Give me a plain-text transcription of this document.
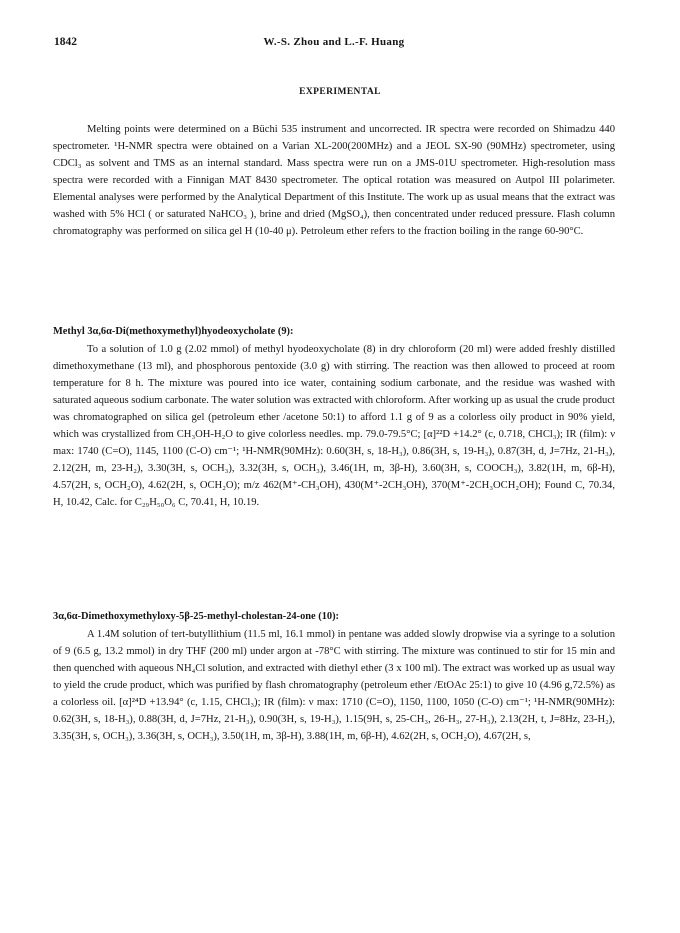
1842	W.-S. Zhou and L.-F. Huang
EXPERIMENTAL

Melting points were determined on a Büchi 535 instrument and uncorrected. IR spectra were recorded on Shimadzu 440 spectrometer. ¹H-NMR spectra were obtained on a Varian XL-200(200MHz) and a JEOL SX-90 (90MHz) spectrometer, using CDCl₃ as solvent and TMS as an internal standard. Mass spectra were run on a JMS-01U spectrometer. High-resolution mass spectra were recorded with a Finnigan MAT 8430 spectrometer. The optical rotation was measured on Autpol III polarimeter. Elemental analyses were performed by the Analytical Department of this Institute. The work up as usual means that the extract was washed with 5% HCl ( or saturated NaHCO₃ ), brine and dried (MgSO₄), then concentrated under reduced pressure. Flash column chromatography was performed on silica gel H (10-40 μ). Petroleum ether refers to the fraction boiling in the range 60-90°C.

Methyl 3α,6α-Di(methoxymethyl)hyodeoxycholate (9):

To a solution of 1.0 g (2.02 mmol) of methyl hyodeoxycholate (8) in dry chloroform (20 ml) were added freshly distilled dimethoxymethane (13 ml), and phosphorous pentoxide (3.0 g) with stirring. The reaction was then allowed to proceed at room temperature for 8 h. The mixture was poured into ice water, containing sodium carbonate, and the residue was washed with saturated aqueous sodium carbonate. The water solution was extracted with chloroform. After working up as usual the crude product was chromatographed on silica gel (petroleum ether /acetone 50:1) to afford 1.1 g of 9 as a colorless oily product in 90% yield, which was crystallized from CH₃OH-H₂O to give colorless needles. mp. 79.0-79.5°C; [α]²²D +14.2° (c, 0.718, CHCl₃); IR (film): ν max: 1740 (C=O), 1145, 1100 (C-O) cm⁻¹; ¹H-NMR(90MHz): 0.60(3H, s, 18-H₃), 0.86(3H, s, 19-H₃), 0.87(3H, d, J=7Hz, 21-H₃), 2.12(2H, m, 23-H₂), 3.30(3H, s, OCH₃), 3.32(3H, s, OCH₃), 3.46(1H, m, 3β-H), 3.60(3H, s, COOCH₃), 3.82(1H, m, 6β-H), 4.57(2H, s, OCH₂O), 4.62(2H, s, OCH₂O); m/z 462(M⁺-CH₃OH), 430(M⁺-2CH₃OH), 370(M⁺-2CH₃OCH₂OH); Found C, 70.34, H, 10.42, Calc. for C₂₉H₅₀O₆ C, 70.41, H, 10.19.

3α,6α-Dimethoxymethyloxy-5β-25-methyl-cholestan-24-one (10):

A 1.4M solution of tert-butyllithium (11.5 ml, 16.1 mmol) in pentane was added slowly dropwise via a syringe to a solution of 9 (6.5 g, 13.2 mmol) in dry THF (200 ml) under argon at -78°C with stirring. The mixture was continued to stir for 15 min and then quenched with aqueous NH₄Cl solution, and extracted with diethyl ether (3 x 100 ml). The extract was worked up as usual way to yield the crude product, which was purified by flash chromatography (petroleum ether /EtOAc 25:1) to give 10 (4.96 g,72.5%) as a colorless oil. [α]²⁴D +13.94° (c, 1.15, CHCl₃); IR (film): ν max: 1710 (C=O), 1150, 1100, 1050 (C-O) cm⁻¹; ¹H-NMR(90MHz): 0.62(3H, s, 18-H₃), 0.88(3H, d, J=7Hz, 21-H₃), 0.90(3H, s, 19-H₃), 1.15(9H, s, 25-CH₃, 26-H₃, 27-H₃), 2.13(2H, t, J=8Hz, 23-H₂), 3.35(3H, s, OCH₃), 3.36(3H, s, OCH₃), 3.50(1H, m, 3β-H), 3.88(1H, m, 6β-H), 4.62(2H, s, OCH₂O), 4.67(2H, s,
